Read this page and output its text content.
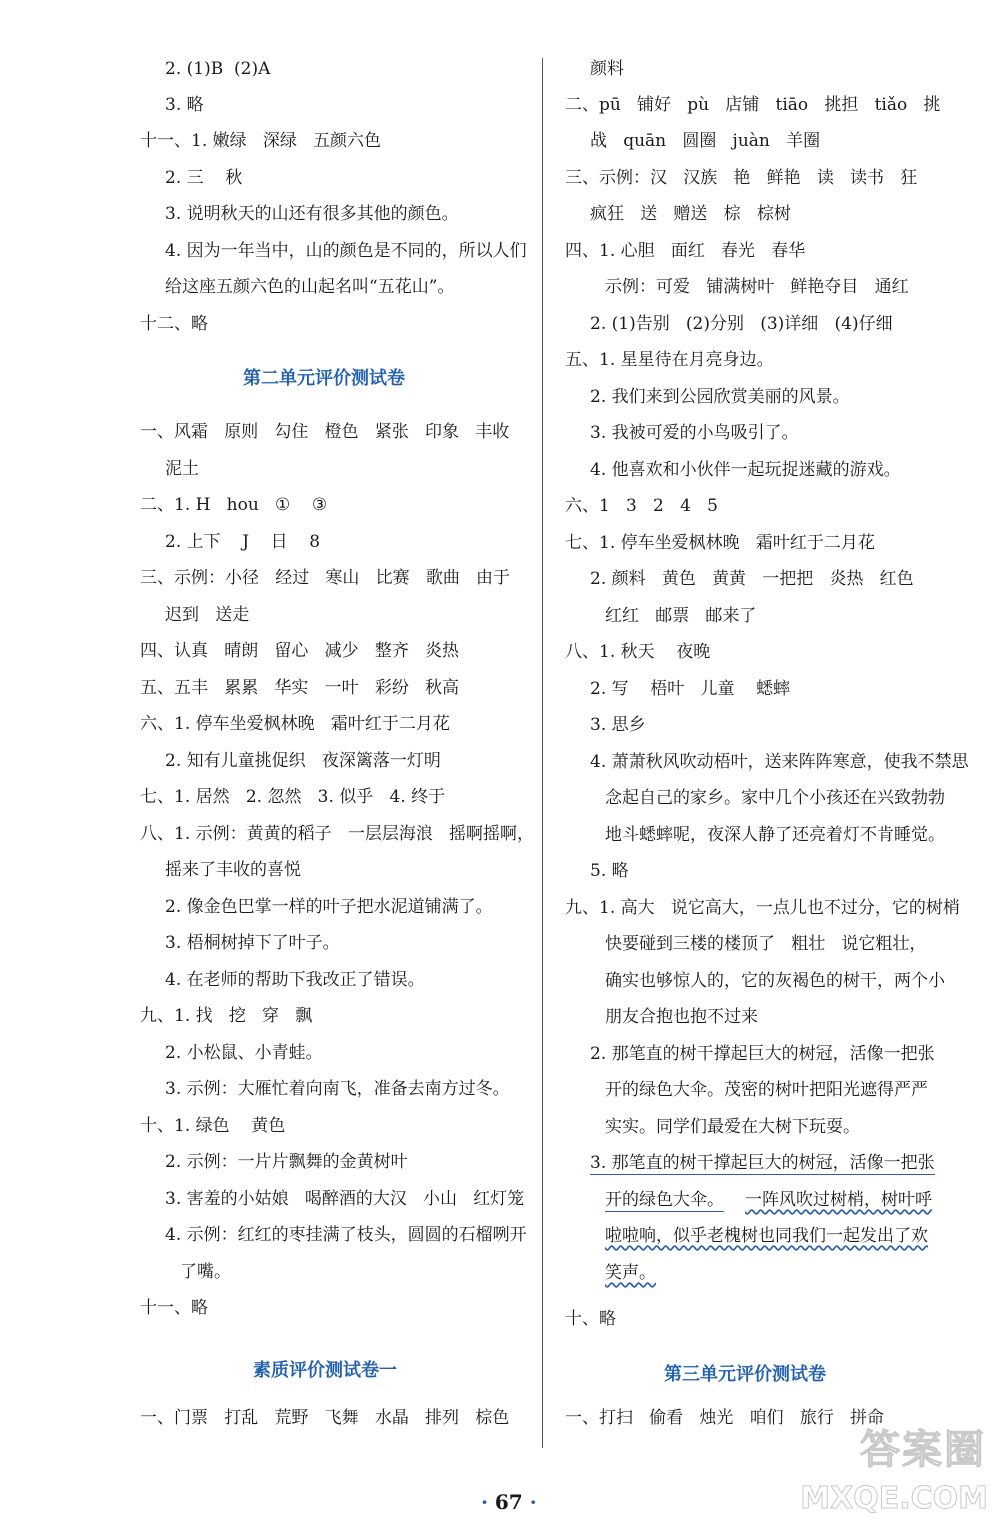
2. (1)B  (2)A
3. 略
十一、1. 嫩绿   深绿   五颜六色
2. 三    秋
3. 说明秋天的山还有很多其他的颜色。
4. 因为一年当中，山的颜色是不同的，所以人们
给这座五颜六色的山起名叫“五花山”。
十二、略
一、风霜   原则   勾住   橙色   紧张   印象   丰收
泥土
二、1. H   hou   ①    ③
2. 上下    J    日    8
三、示例：小径   经过   寒山   比赛   歌曲   由于
迟到   送走
四、认真   晴朗   留心   减少   整齐   炎热
五、五丰   累累   华实   一叶   彩纷   秋高
六、1. 停车坐爱枫林晚   霜叶红于二月花
2. 知有儿童挑促织   夜深篱落一灯明
七、1. 居然   2. 忽然   3. 似乎   4. 终于
八、1. 示例：黄黄的稻子   一层层海浪   摇啊摇啊，
摇来了丰收的喜悦
2. 像金色巴掌一样的叶子把水泥道铺满了。
3. 梧桐树掉下了叶子。
4. 在老师的帮助下我改正了错误。
九、1. 找   挖   穿   飘
2. 小松鼠、小青蛙。
3. 示例：大雁忙着向南飞，准备去南方过冬。
十、1. 绿色    黄色
2. 示例：一片片飘舞的金黄树叶
3. 害羞的小姑娘   喝醉酒的大汉   小山   红灯笼
4. 示例：红红的枣挂满了枝头，圆圆的石榴咧开
了嘴。
十一、略
一、门票   打乱   荒野   飞舞   水晶   排列   棕色
颜料
二、pū   铺好   pù   店铺   tiāo   挑担   tiǎo   挑
战   quān   圆圈   juàn   羊圈
三、示例：汉   汉族   艳   鲜艳   读   读书   狂
疯狂   送   赠送   棕   棕树
四、1. 心胆   面红   春光   春华
示例：可爱   铺满树叶   鲜艳夺目   通红
2. (1)告别   (2)分别   (3)详细   (4)仔细
五、1. 星星待在月亮身边。
2. 我们来到公园欣赏美丽的风景。
3. 我被可爱的小鸟吸引了。
4. 他喜欢和小伙伴一起玩捉迷藏的游戏。
六、1   3   2   4   5
七、1. 停车坐爱枫林晚   霜叶红于二月花
2. 颜料   黄色   黄黄   一把把   炎热   红色
红红   邮票   邮来了
八、1. 秋天    夜晚
2. 写    梧叶   儿童    蟋蟀
3. 思乡
4. 萧萧秋风吹动梧叶，送来阵阵寒意，使我不禁思
念起自己的家乡。家中几个小孩还在兴致勃勃
地斗蟋蟀呢，夜深人静了还亮着灯不肯睡觉。
5. 略
九、1. 高大   说它高大，一点儿也不过分，它的树梢
快要碰到三楼的楼顶了   粗壮   说它粗壮，
确实也够惊人的，它的灰褐色的树干，两个小
朋友合抱也抱不过来
2. 那笔直的树干撑起巨大的树冠，活像一把张
开的绿色大伞。茂密的树叶把阳光遮得严严
实实。同学们最爱在大树下玩耍。
3. 那笔直的树干撑起巨大的树冠，活像一把张
开的绿色大伞。 一阵风吹过树梢，树叶呼
啦啦响，似乎老槐树也同我们一起发出了欢
笑声。
十、略
一、打扫   偷看   烛光   咱们   旅行   拼命
第二单元评价测试卷
素质评价测试卷一	第三单元评价测试卷

· 67 ·

答案圈
MXQE.COM
